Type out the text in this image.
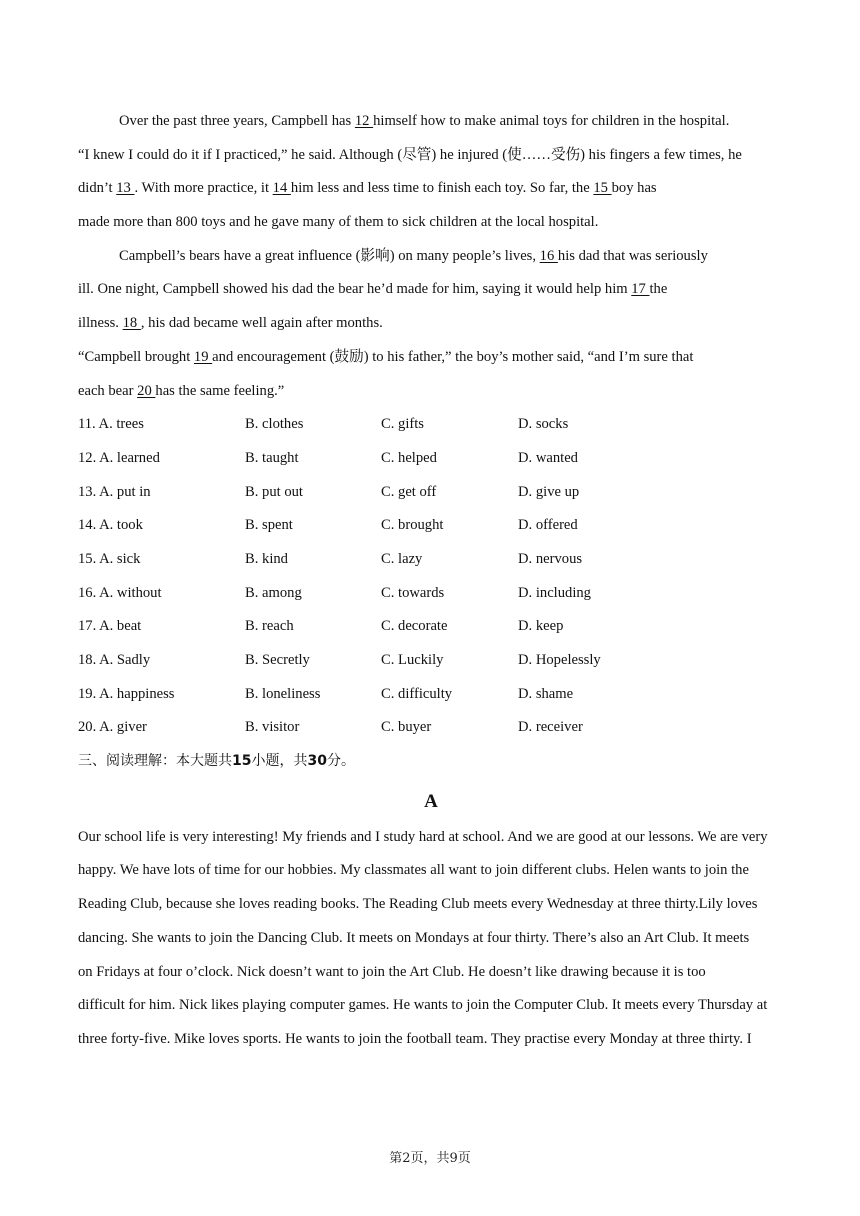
Over the past three years, Campbell has 12 himself how to make animal toys for children in the hospital.
“I knew I could do it if I practiced,” he said. Although (尽管) he injured (使……受伤) his fingers a few times, he
didn’t 13 . With more practice, it 14 him less and less time to finish each toy. So far, the 15 boy has
made more than 800 toys and he gave many of them to sick children at the local hospital.
Campbell’s bears have a great influence (影响) on many people’s lives, 16 his dad that was seriously
ill. One night, Campbell showed his dad the bear he’d made for him, saying it would help him 17 the
illness. 18 , his dad became well again after months.
“Campbell brought 19 and encouragement (鼓励) to his father,” the boy’s mother said, “and I’m sure that
each bear 20 has the same feeling.”
11. A. trees	B. clothes	C. gifts	D. socks
12. A. learned	B. taught	C. helped	D. wanted
13. A. put in	B. put out	C. get off	D. give up
14. A. took	B. spent	C. brought	D. offered
15. A. sick	B. kind	C. lazy	D. nervous
16. A. without	B. among	C. towards	D. including
17. A. beat	B. reach	C. decorate	D. keep
18. A. Sadly	B. Secretly	C. Luckily	D. Hopelessly
19. A. happiness	B. loneliness	C. difficulty	D. shame
20. A. giver	B. visitor	C. buyer	D. receiver
三、阅读理解：本大题共15小题，共30分。
A
Our school life is very interesting! My friends and I study hard at school. And we are good at our lessons. We are very
happy. We have lots of time for our hobbies. My classmates all want to join different clubs. Helen wants to join the
Reading Club, because she loves reading books. The Reading Club meets every Wednesday at three thirty.Lily loves
dancing. She wants to join the Dancing Club. It meets on Mondays at four thirty. There’s also an Art Club. It meets
on Fridays at four o’clock. Nick doesn’t want to join the Art Club. He doesn’t like drawing because it is too
difficult for him. Nick likes playing computer games. He wants to join the Computer Club. It meets every Thursday at
three forty-five. Mike loves sports. He wants to join the football team. They practise every Monday at three thirty. I
第2页，共9页
